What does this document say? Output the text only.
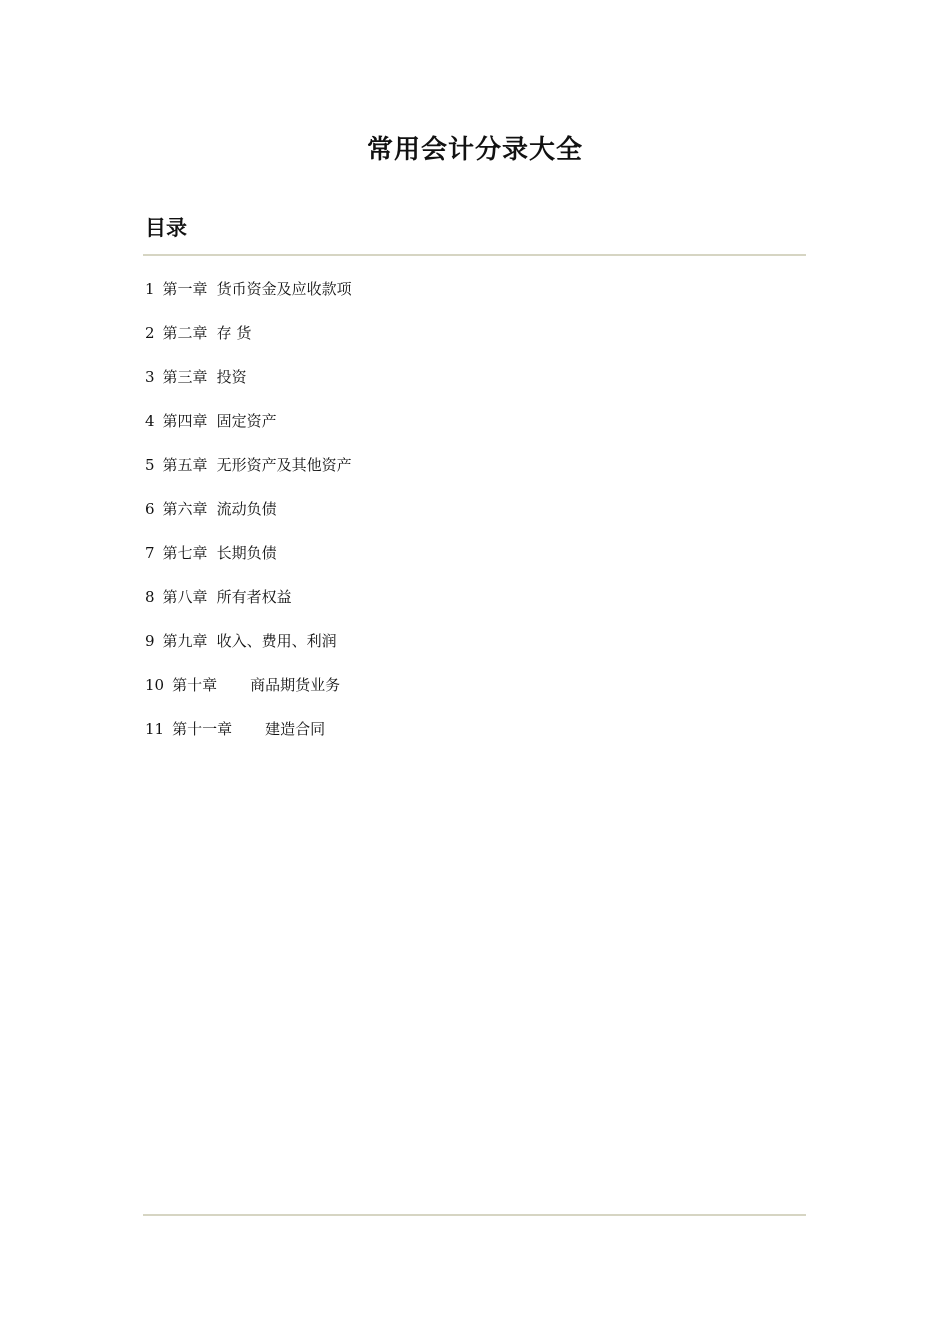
常用会计分录大全
目录
1 第一章 货币资金及应收款项
2 第二章 存 货
3 第三章 投资
4 第四章 固定资产
5 第五章 无形资产及其他资产
6 第六章 流动负债
7 第七章 长期负债
8 第八章 所有者权益
9 第九章 收入、费用、利润
10 第十章 商品期货业务
11 第十一章 建造合同
